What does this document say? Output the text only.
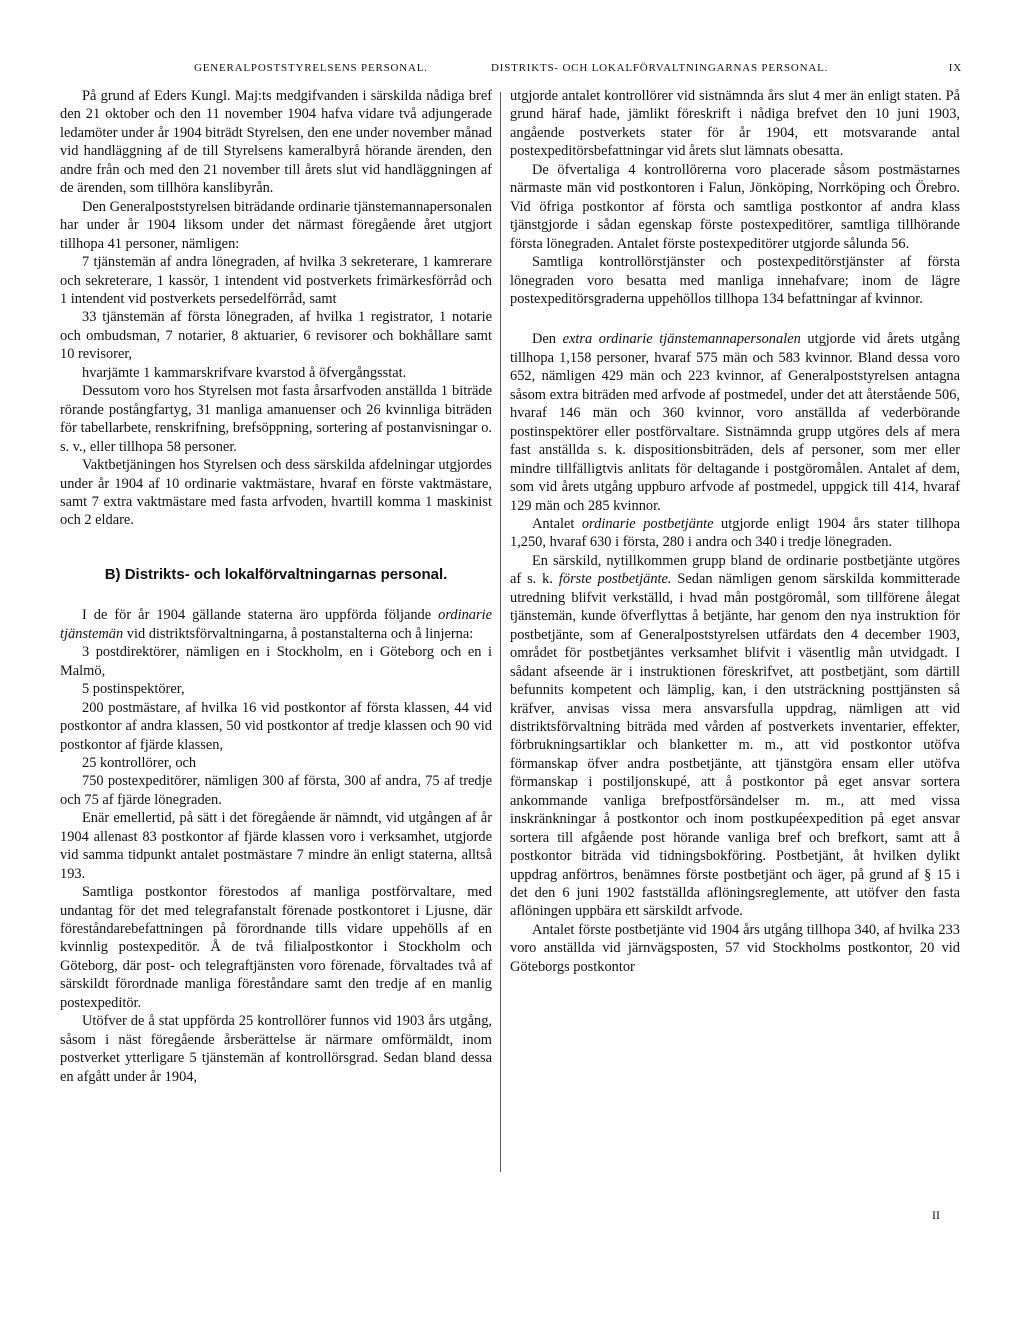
GENERALPOSTSTYRELSENS PERSONAL.	DISTRIKTS- OCH LOKALFÖRVALTNINGARNAS PERSONAL.	IX

På grund af Eders Kungl. Maj:ts medgifvanden i särskilda nådiga bref den 21 oktober och den 11 november 1904 hafva vidare två adjungerade ledamöter under år 1904 biträdt Styrelsen, den ene under november månad vid handläggning af de till Styrelsens kameralbyrå hörande ärenden, den andre från och med den 21 november till årets slut vid handläggningen af de ärenden, som tillhöra kanslibyrån.

Den Generalpoststyrelsen biträdande ordinarie tjänstemannapersonalen har under år 1904 liksom under det närmast föregående året utgjort tillhopa 41 personer, nämligen:

7 tjänstemän af andra lönegraden, af hvilka 3 sekreterare, 1 kamrerare och sekreterare, 1 kassör, 1 intendent vid postverkets frimärkesförråd och 1 intendent vid postverkets persedelförråd, samt

33 tjänstemän af första lönegraden, af hvilka 1 registrator, 1 notarie och ombudsman, 7 notarier, 8 aktuarier, 6 revisorer och bokhållare samt 10 revisorer,

hvarjämte 1 kammarskrifvare kvarstod å öfvergångsstat.

Dessutom voro hos Styrelsen mot fasta årsarfvoden anställda 1 biträde rörande postångfartyg, 31 manliga amanuenser och 26 kvinnliga biträden för tabellarbete, renskrifning, brefsöppning, sortering af postanvisningar o. s. v., eller tillhopa 58 personer.

Vaktbetjäningen hos Styrelsen och dess särskilda afdelningar utgjordes under år 1904 af 10 ordinarie vaktmästare, hvaraf en förste vaktmästare, samt 7 extra vaktmästare med fasta arfvoden, hvartill komma 1 maskinist och 2 eldare.

B) Distrikts- och lokalförvaltningarnas personal.

I de för år 1904 gällande staterna äro uppförda följande ordinarie tjänstemän vid distriktsförvaltningarna, å postanstalterna och å linjerna:

3 postdirektörer, nämligen en i Stockholm, en i Göteborg och en i Malmö,

5 postinspektörer,

200 postmästare, af hvilka 16 vid postkontor af första klassen, 44 vid postkontor af andra klassen, 50 vid postkontor af tredje klassen och 90 vid postkontor af fjärde klassen,

25 kontrollörer, och

750 postexpeditörer, nämligen 300 af första, 300 af andra, 75 af tredje och 75 af fjärde lönegraden.

Enär emellertid, på sätt i det föregående är nämndt, vid utgången af år 1904 allenast 83 postkontor af fjärde klassen voro i verksamhet, utgjorde vid samma tidpunkt antalet postmästare 7 mindre än enligt staterna, alltså 193.

Samtliga postkontor förestodos af manliga postförvaltare, med undantag för det med telegrafanstalt förenade postkontoret i Ljusne, där föreståndarebefattningen på förordnande tills vidare uppehölls af en kvinnlig postexpeditör. Å de två filialpostkontor i Stockholm och Göteborg, där post- och telegraftjänsten voro förenade, förvaltades två af särskildt förordnade manliga föreståndare samt den tredje af en manlig postexpeditör.

Utöfver de å stat uppförda 25 kontrollörer funnos vid 1903 års utgång, såsom i näst föregående årsberättelse är närmare omförmäldt, inom postverket ytterligare 5 tjänstemän af kontrollörsgrad. Sedan bland dessa en afgått under år 1904,

utgjorde antalet kontrollörer vid sistnämnda års slut 4 mer än enligt staten. På grund häraf hade, jämlikt föreskrift i nådiga brefvet den 10 juni 1903, angående postverkets stater för år 1904, ett motsvarande antal postexpeditörsbefattningar vid årets slut lämnats obesatta.

De öfvertaliga 4 kontrollörerna voro placerade såsom postmästarnes närmaste män vid postkontoren i Falun, Jönköping, Norrköping och Örebro. Vid öfriga postkontor af första och samtliga postkontor af andra klass tjänstgjorde i sådan egenskap förste postexpeditörer, samtliga tillhörande första lönegraden. Antalet förste postexpeditörer utgjorde sålunda 56.

Samtliga kontrollörstjänster och postexpeditörstjänster af första lönegraden voro besatta med manliga innehafvare; inom de lägre postexpeditörsgraderna uppehöllos tillhopa 134 befattningar af kvinnor.

Den extra ordinarie tjänstemannapersonalen utgjorde vid årets utgång tillhopa 1,158 personer, hvaraf 575 män och 583 kvinnor. Bland dessa voro 652, nämligen 429 män och 223 kvinnor, af Generalpoststyrelsen antagna såsom extra biträden med arfvode af postmedel, under det att återstående 506, hvaraf 146 män och 360 kvinnor, voro anställda af vederbörande postinspektörer eller postförvaltare. Sistnämnda grupp utgöres dels af mera fast anställda s. k. dispositionsbiträden, dels af personer, som mer eller mindre tillfälligtvis anlitats för deltagande i postgöromålen. Antalet af dem, som vid årets utgång uppburo arfvode af postmedel, uppgick till 414, hvaraf 129 män och 285 kvinnor.

Antalet ordinarie postbetjänte utgjorde enligt 1904 års stater tillhopa 1,250, hvaraf 630 i första, 280 i andra och 340 i tredje lönegraden.

En särskild, nytillkommen grupp bland de ordinarie postbetjänte utgöres af s. k. förste postbetjänte. Sedan nämligen genom särskilda kommitterade utredning blifvit verkställd, i hvad mån postgöromål, som tillförene ålegat tjänstemän, kunde öfverflyttas å betjänte, har genom den nya instruktion för postbetjänte, som af Generalpoststyrelsen utfärdats den 4 december 1903, området för postbetjäntes verksamhet blifvit i väsentlig mån utvidgadt. I sådant afseende är i instruktionen föreskrifvet, att postbetjänt, som därtill befunnits kompetent och lämplig, kan, i den utsträckning posttjänsten så kräfver, anvisas vissa mera ansvarsfulla uppdrag, nämligen att vid distriktsförvaltning biträda med vården af postverkets inventarier, effekter, förbrukningsartiklar och blanketter m. m., att vid postkontor utöfva förmanskap öfver andra postbetjänte, att tjänstgöra ensam eller utöfva förmanskap i postiljonskupé, att å postkontor på eget ansvar sortera ankommande vanliga brefpostförsändelser m. m., att med vissa inskränkningar å postkontor och inom postkupéexpedition på eget ansvar sortera till afgående post hörande vanliga bref och brefkort, samt att å postkontor biträda vid tidningsbokföring. Postbetjänt, åt hvilken dylikt uppdrag anförtros, benämnes förste postbetjänt och äger, på grund af § 15 i det den 6 juni 1902 fastställda aflöningsreglemente, att utöfver den fasta aflöningen uppbära ett särskildt arfvode.

Antalet förste postbetjänte vid 1904 års utgång tillhopa 340, af hvilka 233 voro anställda vid järnvägsposten, 57 vid Stockholms postkontor, 20 vid Göteborgs postkontor

II
